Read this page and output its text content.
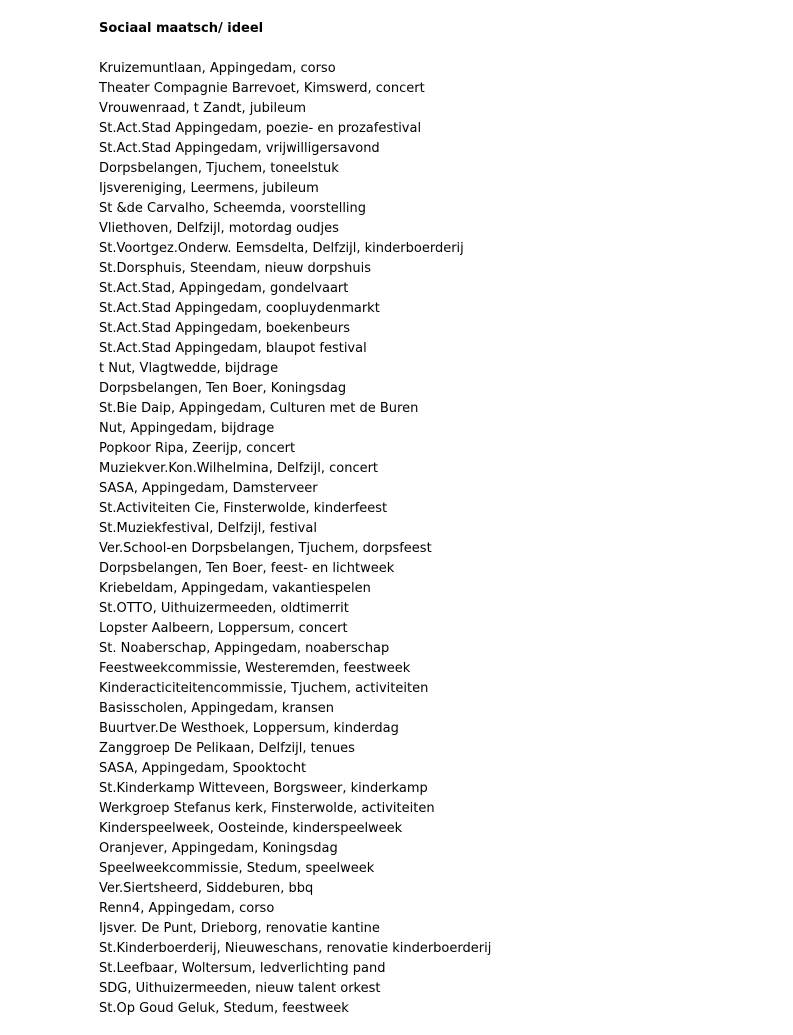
Sociaal maatsch/ ideel
Kruizemuntlaan, Appingedam, corso
Theater Compagnie Barrevoet, Kimswerd, concert
Vrouwenraad, t Zandt, jubileum
St.Act.Stad Appingedam, poezie- en prozafestival
St.Act.Stad Appingedam, vrijwilligersavond
Dorpsbelangen, Tjuchem, toneelstuk
Ijsvereniging, Leermens, jubileum
St &de Carvalho, Scheemda, voorstelling
Vliethoven, Delfzijl, motordag oudjes
St.Voortgez.Onderw. Eemsdelta, Delfzijl, kinderboerderij
St.Dorsphuis, Steendam, nieuw dorpshuis
St.Act.Stad, Appingedam, gondelvaart
St.Act.Stad Appingedam, coopluydenmarkt
St.Act.Stad Appingedam, boekenbeurs
St.Act.Stad Appingedam, blaupot festival
t Nut, Vlagtwedde, bijdrage
Dorpsbelangen, Ten Boer, Koningsdag
St.Bie Daip, Appingedam, Culturen met de Buren
Nut, Appingedam, bijdrage
Popkoor Ripa, Zeerijp, concert
Muziekver.Kon.Wilhelmina, Delfzijl, concert
SASA, Appingedam, Damsterveer
St.Activiteiten Cie, Finsterwolde, kinderfeest
St.Muziekfestival, Delfzijl, festival
Ver.School-en Dorpsbelangen, Tjuchem, dorpsfeest
Dorpsbelangen, Ten Boer, feest- en lichtweek
Kriebeldam, Appingedam, vakantiespelen
St.OTTO, Uithuizermeeden, oldtimerrit
Lopster Aalbeern, Loppersum, concert
St. Noaberschap, Appingedam, noaberschap
Feestweekcommissie, Westeremden, feestweek
Kinderacticiteitencommissie, Tjuchem, activiteiten
Basisscholen, Appingedam, kransen
Buurtver.De Westhoek, Loppersum, kinderdag
Zanggroep De Pelikaan, Delfzijl, tenues
SASA, Appingedam, Spooktocht
St.Kinderkamp Witteveen, Borgsweer, kinderkamp
Werkgroep Stefanus kerk, Finsterwolde, activiteiten
Kinderspeelweek, Oosteinde, kinderspeelweek
Oranjever, Appingedam, Koningsdag
Speelweekcommissie, Stedum, speelweek
Ver.Siertsheerd, Siddeburen, bbq
Renn4, Appingedam, corso
Ijsver. De Punt, Drieborg, renovatie kantine
St.Kinderboerderij, Nieuweschans, renovatie kinderboerderij
St.Leefbaar, Woltersum, ledverlichting pand
SDG, Uithuizermeeden, nieuw talent orkest
St.Op Goud Geluk, Stedum, feestweek
